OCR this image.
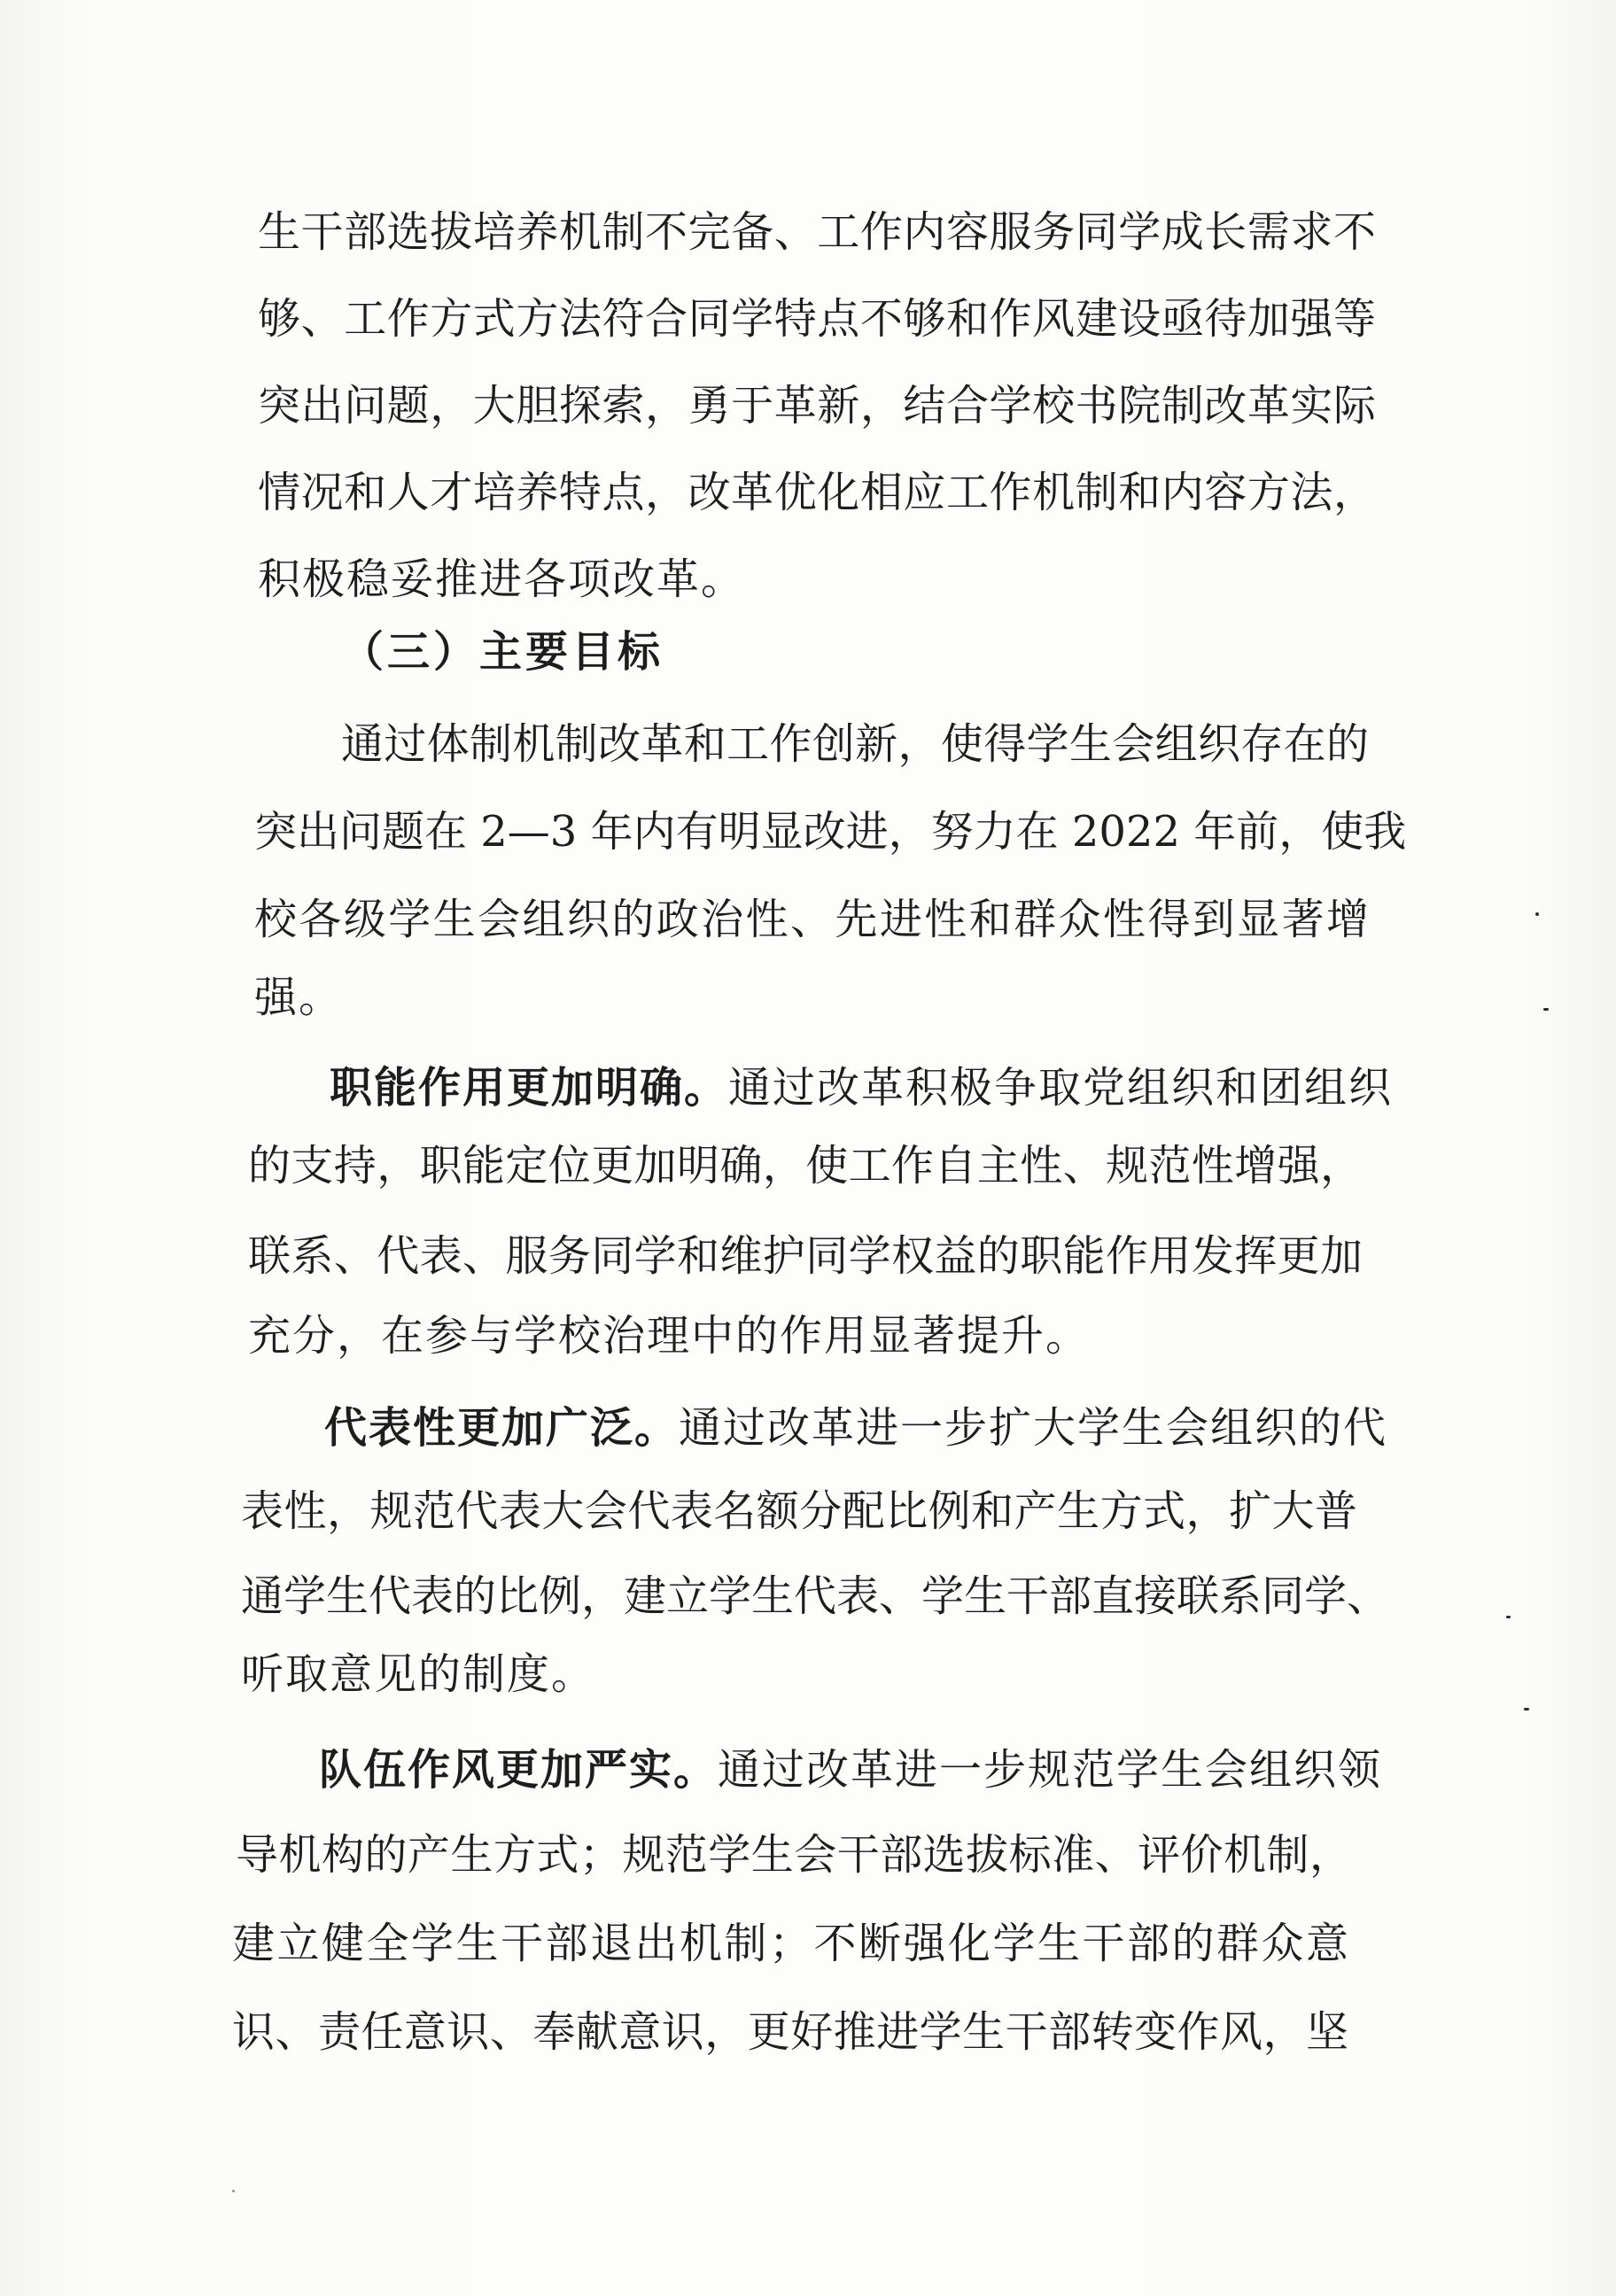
生干部选拔培养机制不完备、工作内容服务同学成长需求不
够、工作方式方法符合同学特点不够和作风建设亟待加强等
突出问题，大胆探索，勇于革新，结合学校书院制改革实际
情况和人才培养特点，改革优化相应工作机制和内容方法，
积极稳妥推进各项改革。
（三）主要目标
通过体制机制改革和工作创新，使得学生会组织存在的
突出问题在 2—3 年内有明显改进，努力在 2022 年前，使我
校各级学生会组织的政治性、先进性和群众性得到显著增
强。
职能作用更加明确。 通过改革积极争取党组织和团组织
的支持，职能定位更加明确，使工作自主性、规范性增强，
联系、代表、服务同学和维护同学权益的职能作用发挥更加
充分，在参与学校治理中的作用显著提升。
代表性更加广泛。 通过改革进一步扩大学生会组织的代
表性，规范代表大会代表名额分配比例和产生方式，扩大普
通学生代表的比例，建立学生代表、学生干部直接联系同学、
听取意见的制度。
队伍作风更加严实。 通过改革进一步规范学生会组织领
导机构的产生方式；规范学生会干部选拔标准、评价机制，
建立健全学生干部退出机制；不断强化学生干部的群众意
识、责任意识、奉献意识，更好推进学生干部转变作风，坚
